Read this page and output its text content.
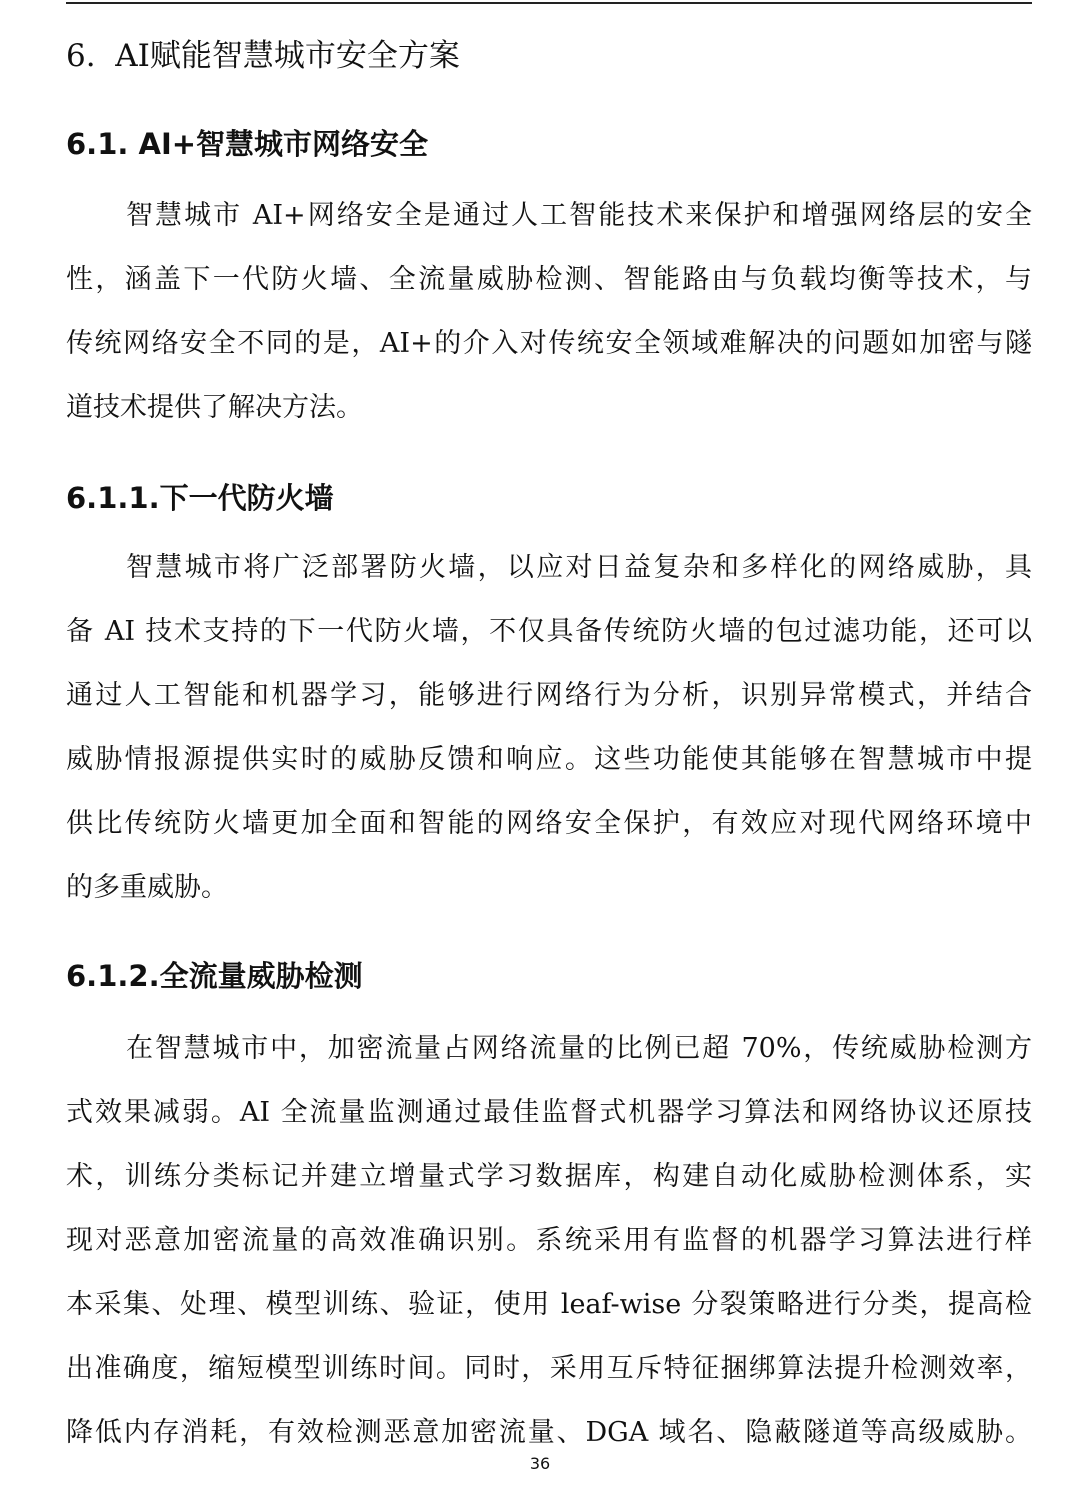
6. AI赋能智慧城市安全方案
6.1. AI+智慧城市网络安全
智慧城市 AI+网络安全是通过人工智能技术来保护和增强网络层的安全
性，涵盖下一代防火墙、全流量威胁检测、智能路由与负载均衡等技术，与
传统网络安全不同的是，AI+的介入对传统安全领域难解决的问题如加密与隧
道技术提供了解决方法。
6.1.1.下一代防火墙
智慧城市将广泛部署防火墙，以应对日益复杂和多样化的网络威胁，具
备 AI 技术支持的下一代防火墙，不仅具备传统防火墙的包过滤功能，还可以
通过人工智能和机器学习，能够进行网络行为分析，识别异常模式，并结合
威胁情报源提供实时的威胁反馈和响应。这些功能使其能够在智慧城市中提
供比传统防火墙更加全面和智能的网络安全保护，有效应对现代网络环境中
的多重威胁。
6.1.2.全流量威胁检测
在智慧城市中，加密流量占网络流量的比例已超 70%，传统威胁检测方
式效果减弱。AI 全流量监测通过最佳监督式机器学习算法和网络协议还原技
术，训练分类标记并建立增量式学习数据库，构建自动化威胁检测体系，实
现对恶意加密流量的高效准确识别。系统采用有监督的机器学习算法进行样
本采集、处理、模型训练、验证，使用 leaf-wise 分裂策略进行分类，提高检
出准确度，缩短模型训练时间。同时，采用互斥特征捆绑算法提升检测效率，
降低内存消耗，有效检测恶意加密流量、DGA 域名、隐蔽隧道等高级威胁。
36
